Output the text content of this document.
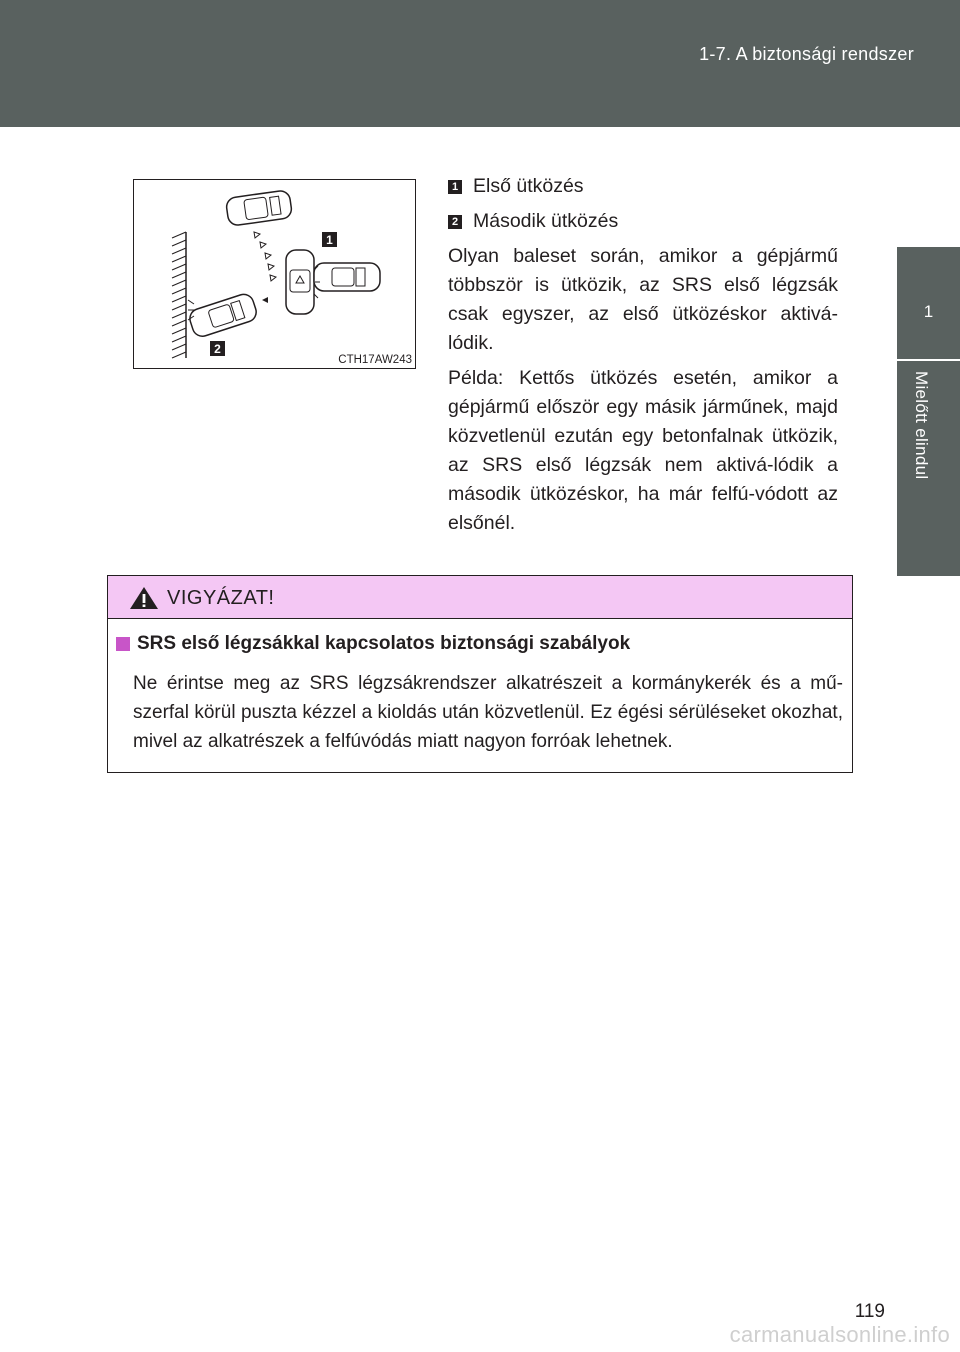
1-7. A biztonsági rendszer
1
Mielőtt elindul
1
2
CTH17AW243
1 Első ütközés
2 Második ütközés

Olyan baleset során, amikor a gépjármű többször is ütközik, az SRS első légzsák csak egyszer, az első ütközéskor aktivá-lódik.

Példa: Kettős ütközés esetén, amikor a gépjármű először egy másik járműnek, majd közvetlenül ezután egy betonfalnak ütközik, az SRS első légzsák nem aktivá-lódik a második ütközéskor, ha már felfú-vódott az elsőnél.

VIGYÁZAT!
SRS első légzsákkal kapcsolatos biztonsági szabályok
Ne érintse meg az SRS légzsákrendszer alkatrészeit a kormánykerék és a mű-szerfal körül puszta kézzel a kioldás után közvetlenül. Ez égési sérüléseket okozhat, mivel az alkatrészek a felfúvódás miatt nagyon forróak lehetnek.
119
carmanualsonline.info
